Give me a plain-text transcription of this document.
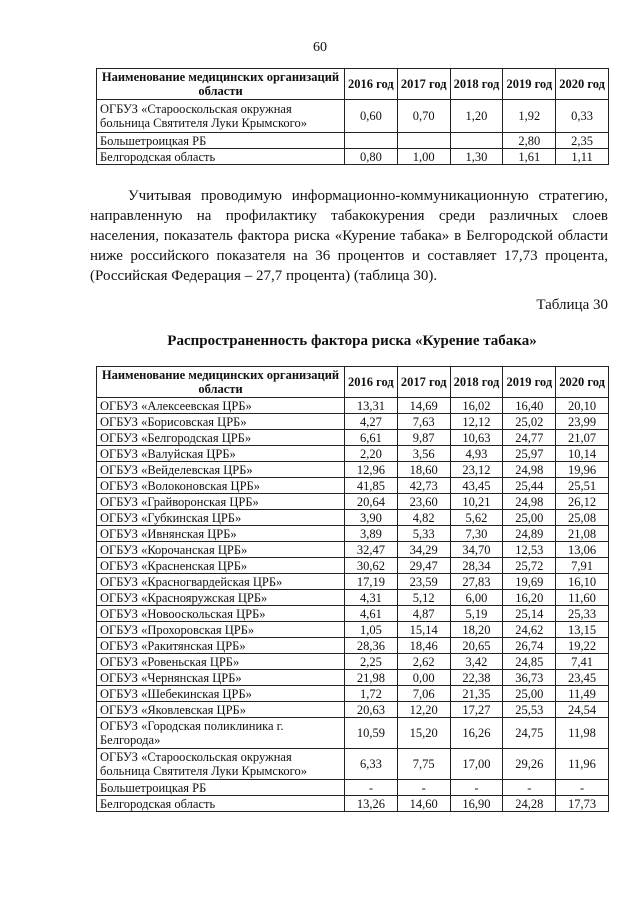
60
Наименование медицинских организаций области	2016 год	2017 год	2018 год	2019 год	2020 год
ОГБУЗ «Старооскольская окружная больница Святителя Луки Крымского»	0,60	0,70	1,20	1,92	0,33
Большетроицкая РБ				2,80	2,35
Белгородская область	0,80	1,00	1,30	1,61	1,11

Учитывая проводимую информационно-коммуникационную стратегию, направленную на профилактику табакокурения среди различных слоев населения, показатель фактора риска «Курение табака» в Белгородской области ниже российского показателя на 36 процентов и составляет 17,73 процента, (Российская Федерация – 27,7 процента) (таблица 30).

Таблица 30
Распространенность фактора риска «Курение табака»
Наименование медицинских организаций области	2016 год	2017 год	2018 год	2019 год	2020 год
ОГБУЗ «Алексеевская ЦРБ»	13,31	14,69	16,02	16,40	20,10
ОГБУЗ «Борисовская ЦРБ»	4,27	7,63	12,12	25,02	23,99
ОГБУЗ «Белгородская ЦРБ»	6,61	9,87	10,63	24,77	21,07
ОГБУЗ «Валуйская ЦРБ»	2,20	3,56	4,93	25,97	10,14
ОГБУЗ «Вейделевская ЦРБ»	12,96	18,60	23,12	24,98	19,96
ОГБУЗ «Волоконовская ЦРБ»	41,85	42,73	43,45	25,44	25,51
ОГБУЗ «Грайворонская ЦРБ»	20,64	23,60	10,21	24,98	26,12
ОГБУЗ «Губкинская ЦРБ»	3,90	4,82	5,62	25,00	25,08
ОГБУЗ «Ивнянская ЦРБ»	3,89	5,33	7,30	24,89	21,08
ОГБУЗ «Корочанская ЦРБ»	32,47	34,29	34,70	12,53	13,06
ОГБУЗ «Красненская ЦРБ»	30,62	29,47	28,34	25,72	7,91
ОГБУЗ «Красногвардейская ЦРБ»	17,19	23,59	27,83	19,69	16,10
ОГБУЗ «Краснояружская ЦРБ»	4,31	5,12	6,00	16,20	11,60
ОГБУЗ «Новооскольская ЦРБ»	4,61	4,87	5,19	25,14	25,33
ОГБУЗ «Прохоровская ЦРБ»	1,05	15,14	18,20	24,62	13,15
ОГБУЗ «Ракитянская ЦРБ»	28,36	18,46	20,65	26,74	19,22
ОГБУЗ «Ровеньская ЦРБ»	2,25	2,62	3,42	24,85	7,41
ОГБУЗ «Чернянская ЦРБ»	21,98	0,00	22,38	36,73	23,45
ОГБУЗ «Шебекинская ЦРБ»	1,72	7,06	21,35	25,00	11,49
ОГБУЗ «Яковлевская ЦРБ»	20,63	12,20	17,27	25,53	24,54
ОГБУЗ «Городская поликлиника г. Белгорода»	10,59	15,20	16,26	24,75	11,98
ОГБУЗ «Старооскольская окружная больница Святителя Луки Крымского»	6,33	7,75	17,00	29,26	11,96
Большетроицкая РБ	-	-	-	-	-
Белгородская область	13,26	14,60	16,90	24,28	17,73
